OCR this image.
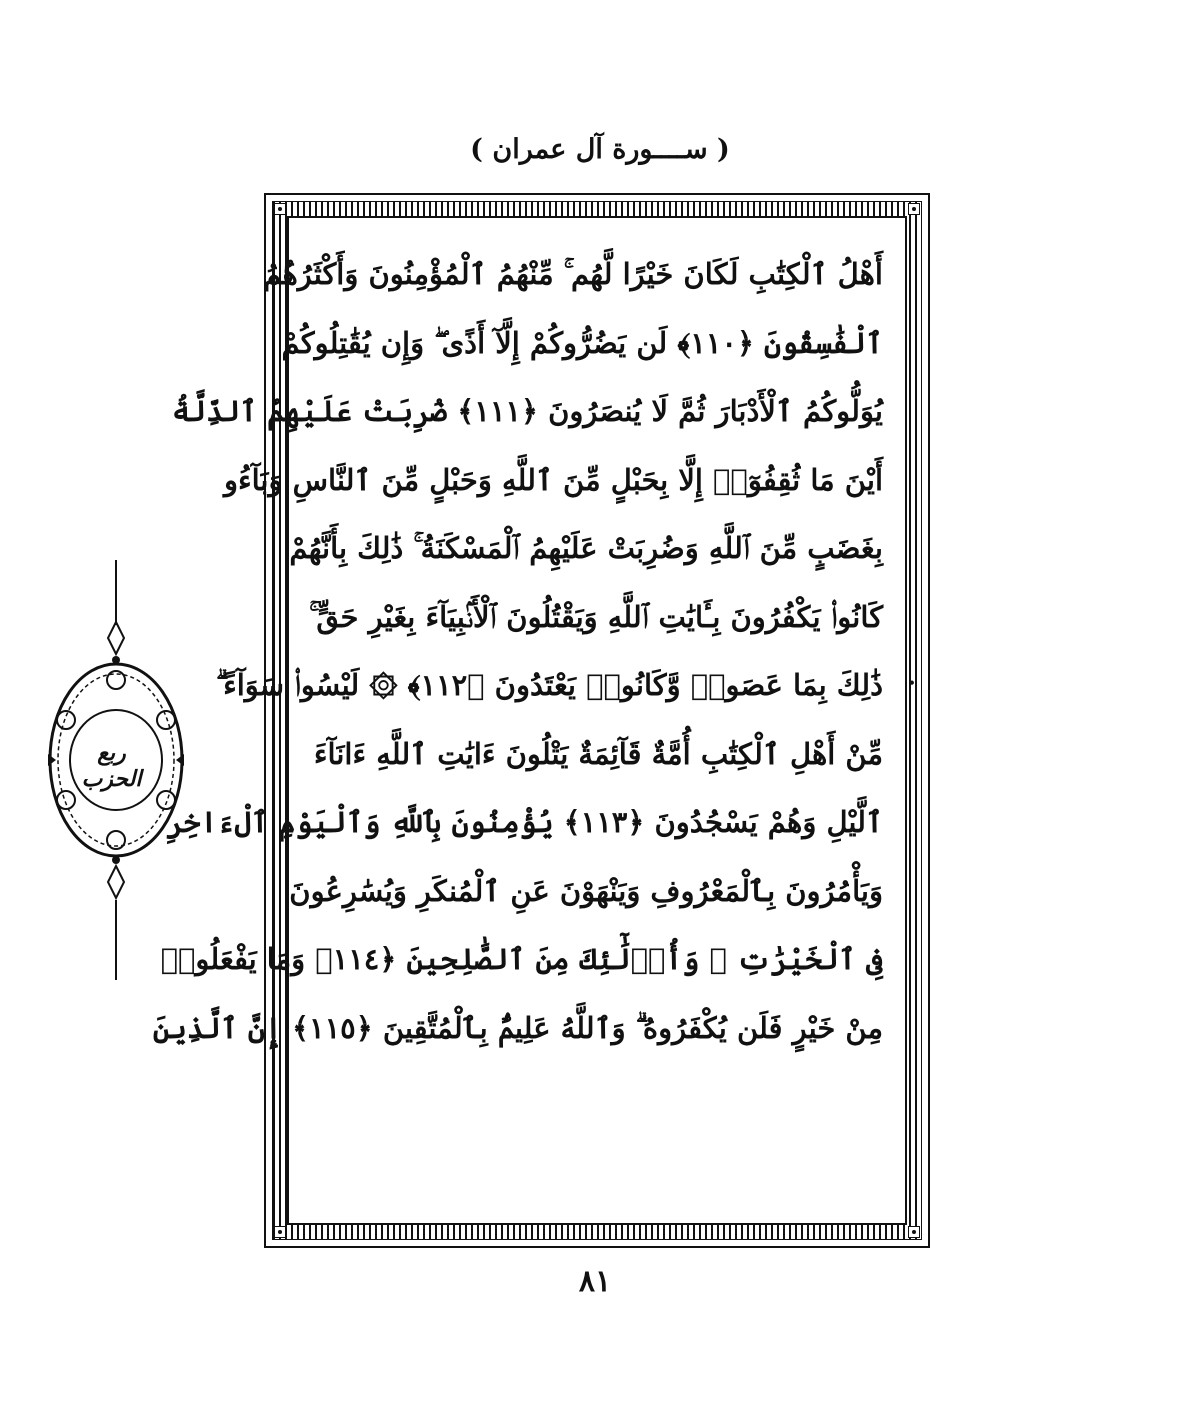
( ســــورة آل عمران )
أَهْلُ ٱلْكِتَٰبِ لَكَانَ خَيْرًا لَّهُم ۚ مِّنْهُمُ ٱلْمُؤْمِنُونَ وَأَكْثَرُهُمُ
ٱلْفَٰسِقُونَ ﴿١١٠﴾ لَن يَضُرُّوكُمْ إِلَّآ أَذًى ۖ وَإِن يُقَٰتِلُوكُمْ
يُوَلُّوكُمُ ٱلْأَدْبَارَ ثُمَّ لَا يُنصَرُونَ ﴿١١١﴾ ضُرِبَتْ عَلَيْهِمُ ٱلذِّلَّةُ
أَيْنَ مَا ثُقِفُوٓا۟ إِلَّا بِحَبْلٍ مِّنَ ٱللَّهِ وَحَبْلٍ مِّنَ ٱلنَّاسِ وَبَآءُو
بِغَضَبٍ مِّنَ ٱللَّهِ وَضُرِبَتْ عَلَيْهِمُ ٱلْمَسْكَنَةُ ۚ ذَٰلِكَ بِأَنَّهُمْ
كَانُوا۟ يَكْفُرُونَ بِـَٔايَٰتِ ٱللَّهِ وَيَقْتُلُونَ ٱلْأَنۢبِيَآءَ بِغَيْرِ حَقٍّ ۚ
ذَٰلِكَ بِمَا عَصَوا۟ وَّكَانُوا۟ يَعْتَدُونَ ﴿١١٢﴾ ۞ لَيْسُوا۟ سَوَآءً ۗ
مِّنْ أَهْلِ ٱلْكِتَٰبِ أُمَّةٌ قَآئِمَةٌ يَتْلُونَ ءَايَٰتِ ٱللَّهِ ءَانَآءَ
ٱلَّيْلِ وَهُمْ يَسْجُدُونَ ﴿١١٣﴾ يُؤْمِنُونَ بِٱللَّهِ وَٱلْيَوْمِ ٱلْءَاخِرِ
وَيَأْمُرُونَ بِٱلْمَعْرُوفِ وَيَنْهَوْنَ عَنِ ٱلْمُنكَرِ وَيُسَٰرِعُونَ
فِى ٱلْخَيْرَٰتِ ۖ وَأُو۟لَٰٓئِكَ مِنَ ٱلصَّٰلِحِينَ ﴿١١٤﴾ وَمَا يَفْعَلُوا۟
مِنْ خَيْرٍ فَلَن يُكْفَرُوهُ ۗ وَٱللَّهُ عَلِيمٌۢ بِٱلْمُتَّقِينَ ﴿١١٥﴾ إِنَّ ٱلَّذِينَ
ربع الحزب
•
٨١
